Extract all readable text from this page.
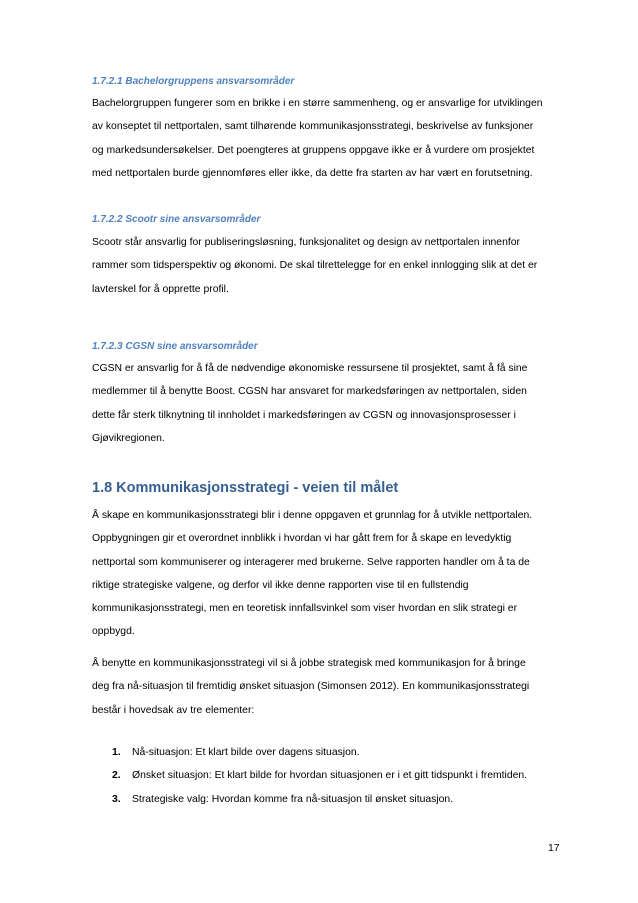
1.7.2.1 Bachelorgruppens ansvarsområder

Bachelorgruppen fungerer som en brikke i en større sammenheng, og er ansvarlige for utviklingen
av konseptet til nettportalen, samt tilhørende kommunikasjonsstrategi, beskrivelse av funksjoner
og markedsundersøkelser. Det poengteres at gruppens oppgave ikke er å vurdere om prosjektet
med nettportalen burde gjennomføres eller ikke, da dette fra starten av har vært en forutsetning.

1.7.2.2 Scootr sine ansvarsområder

Scootr står ansvarlig for publiseringsløsning, funksjonalitet og design av nettportalen innenfor
rammer som tidsperspektiv og økonomi. De skal tilrettelegge for en enkel innlogging slik at det er
lavterskel for å opprette profil.

1.7.2.3 CGSN sine ansvarsområder

CGSN er ansvarlig for å få de nødvendige økonomiske ressursene til prosjektet, samt å få sine
medlemmer til å benytte Boost. CGSN har ansvaret for markedsføringen av nettportalen, siden
dette får sterk tilknytning til innholdet i markedsføringen av CGSN og innovasjonsprosesser i
Gjøvikregionen.

1.8 Kommunikasjonsstrategi - veien til målet

Å skape en kommunikasjonsstrategi blir i denne oppgaven et grunnlag for å utvikle nettportalen.
Oppbygningen gir et overordnet innblikk i hvordan vi har gått frem for å skape en levedyktig
nettportal som kommuniserer og interagerer med brukerne. Selve rapporten handler om å ta de
riktige strategiske valgene, og derfor vil ikke denne rapporten vise til en fullstendig
kommunikasjonsstrategi, men en teoretisk innfallsvinkel som viser hvordan en slik strategi er
oppbygd.

Å benytte en kommunikasjonsstrategi vil si å jobbe strategisk med kommunikasjon for å bringe
deg fra nå-situasjon til fremtidig ønsket situasjon (Simonsen 2012). En kommunikasjonsstrategi
består i hovedsak av tre elementer:

1.	Nå-situasjon: Et klart bilde over dagens situasjon.
2.	Ønsket situasjon: Et klart bilde for hvordan situasjonen er i et gitt tidspunkt i fremtiden.
3.	Strategiske valg: Hvordan komme fra nå-situasjon til ønsket situasjon.
17
